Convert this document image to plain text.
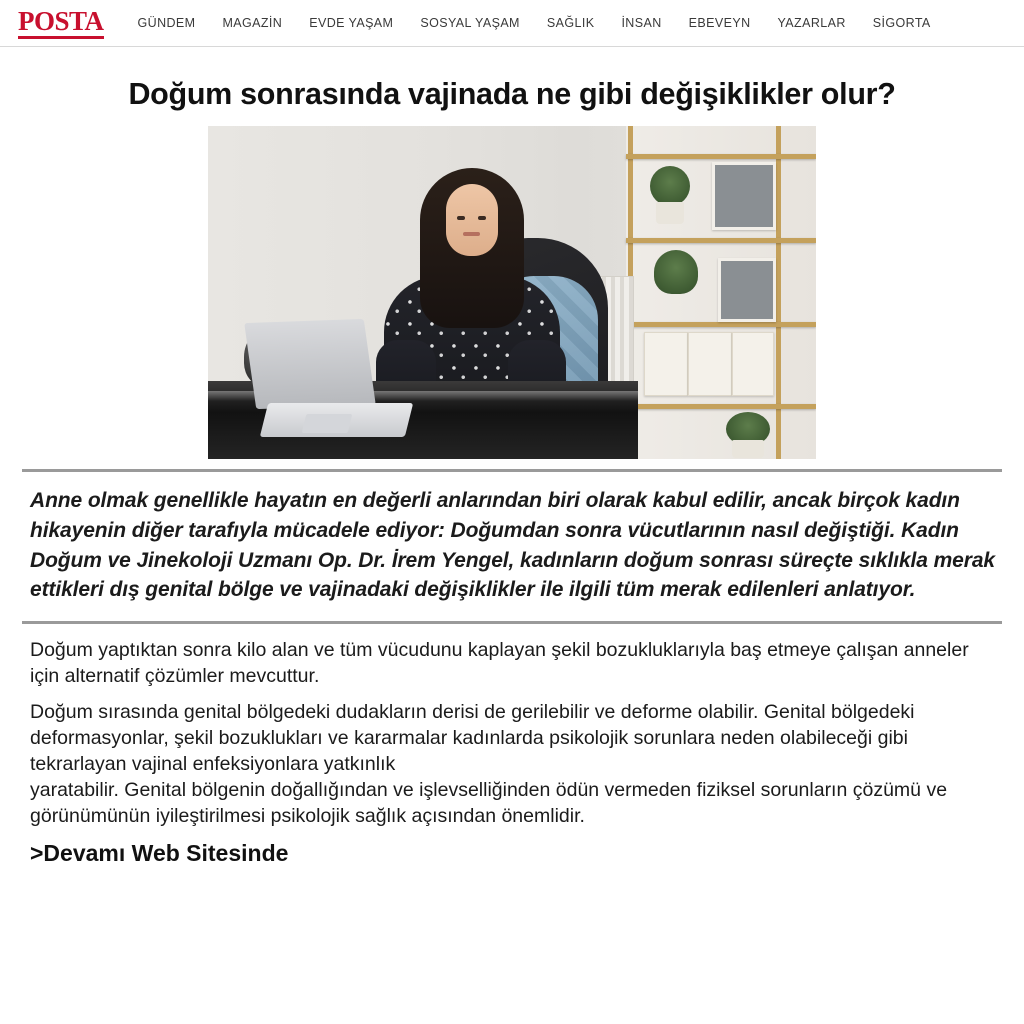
POSTA	GÜNDEM MAGAZİN EVDE YAŞAM SOSYAL YAŞAM SAĞLIK İNSAN EBEVEYN YAZARLAR SİGORTA
Doğum sonrasında vajinada ne gibi değişiklikler olur?
Anne olmak genellikle hayatın en değerli anlarından biri olarak kabul edilir, ancak birçok kadın hikayenin diğer tarafıyla mücadele ediyor: Doğumdan sonra vücutlarının nasıl değiştiği. Kadın Doğum ve Jinekoloji Uzmanı Op. Dr. İrem Yengel, kadınların doğum sonrası süreçte sıklıkla merak ettikleri dış genital bölge ve vajinadaki değişiklikler ile ilgili tüm merak edilenleri anlatıyor.

Doğum yaptıktan sonra kilo alan ve tüm vücudunu kaplayan şekil bozukluklarıyla baş etmeye çalışan anneler için alternatif çözümler mevcuttur.

Doğum sırasında genital bölgedeki dudakların derisi de gerilebilir ve deforme olabilir. Genital bölgedeki deformasyonlar, şekil bozuklukları ve kararmalar kadınlarda psikolojik sorunlara neden olabileceği gibi tekrarlayan vajinal enfeksiyonlara yatkınlık

yaratabilir. Genital bölgenin doğallığından ve işlevselliğinden ödün vermeden fiziksel sorunların çözümü ve görünümünün iyileştirilmesi psikolojik sağlık açısından önemlidir.

>Devamı Web Sitesinde
